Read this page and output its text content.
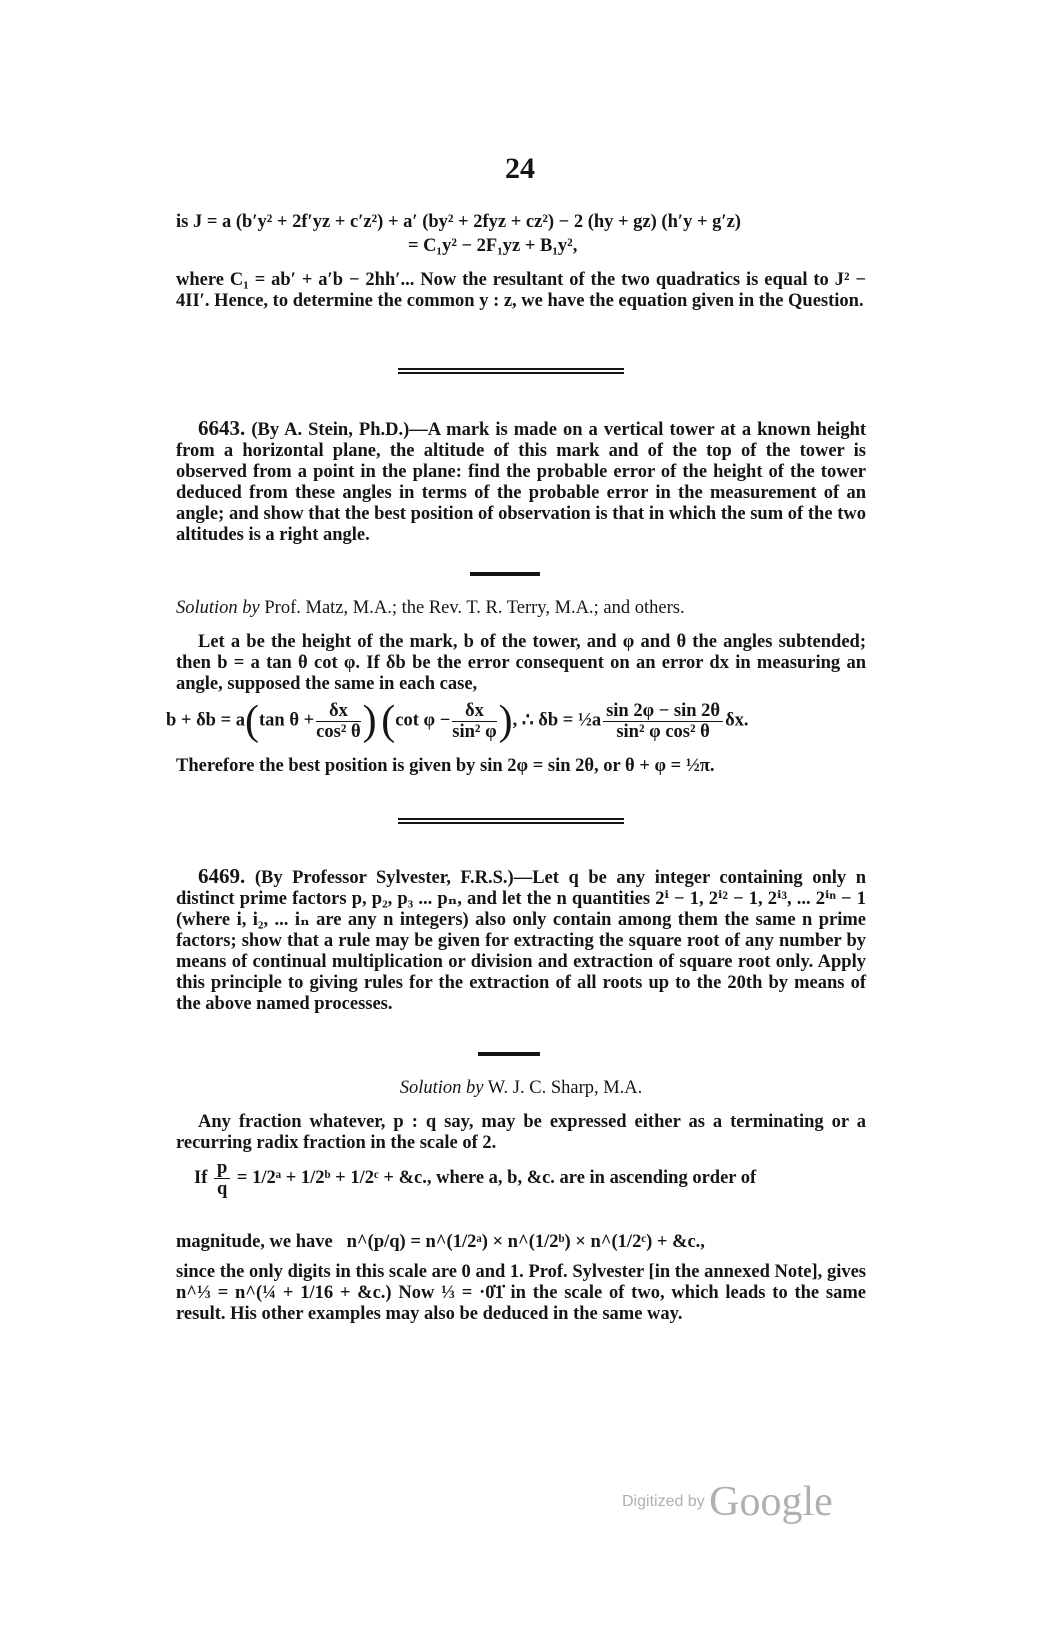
24
is J = a (b′y² + 2f′yz + c′z²) + a′ (by² + 2fyz + cz²) − 2 (hy + gz) (h′y + g′z)
= C₁y² − 2F₁yz + B₁y²,
where C₁ = ab′ + a′b − 2hh′... Now the resultant of the two quadratics is equal to J² − 4II′. Hence, to determine the common y : z, we have the equation given in the Question.
6643. (By A. Stein, Ph.D.)—A mark is made on a vertical tower at a known height from a horizontal plane, the altitude of this mark and of the top of the tower is observed from a point in the plane: find the probable error of the height of the tower deduced from these angles in terms of the probable error in the measurement of an angle; and show that the best position of observation is that in which the sum of the two altitudes is a right angle.
Solution by Prof. Matz, M.A.; the Rev. T. R. Terry, M.A.; and others.
Let a be the height of the mark, b of the tower, and φ and θ the angles subtended; then b = a tan θ cot φ. If δb be the error consequent on an error dx in measuring an angle, supposed the same in each case,
b + δb = a(tan $\theta + \frac{\delta x}{\text{cos² θ}}$ ) (cot $\varphi - \frac{\delta x}{\text{sin² φ}}$ ), ∴ δb = ½a $\frac{\sin 2\varphi - \sin 2\theta}{\text{sin² φ cos² θ}} \delta x$.
Therefore the best position is given by sin 2φ = sin 2θ, or θ + φ = ½π.
6469. (By Professor Sylvester, F.R.S.)—Let q be any integer containing only n distinct prime factors p, p₂, p₃ ... pₙ, and let the n quantities 2ⁱ − 1, 2ⁱ² − 1, 2ⁱ³, ... 2ⁱⁿ − 1 (where i, i₂, ... iₙ are any n integers) also only contain among them the same n prime factors; show that a rule may be given for extracting the square root of any number by means of continual multiplication or division and extraction of square root only. Apply this principle to giving rules for the extraction of all roots up to the 20th by means of the above named processes.
Solution by W. J. C. Sharp, M.A.
Any fraction whatever, p : q say, may be expressed either as a terminating or a recurring radix fraction in the scale of 2.
If $\frac{p}{q}$ = 1/2ᵃ + 1/2ᵇ + 1/2ᶜ + &c., where a, b, &c. are in ascending order of
magnitude, we have n^(p/q) = n^(1/2ᵃ) × n^(1/2ᵇ) × n^(1/2ᶜ) + &c.,
since the only digits in this scale are 0 and 1. Prof. Sylvester [in the annexed Note], gives n^⅓ = n^(¼ + 1/16 + &c.) Now ⅓ = ·0̇1̇ in the scale of two, which leads to the same result. His other examples may also be deduced in the same way.
Digitized by Google
